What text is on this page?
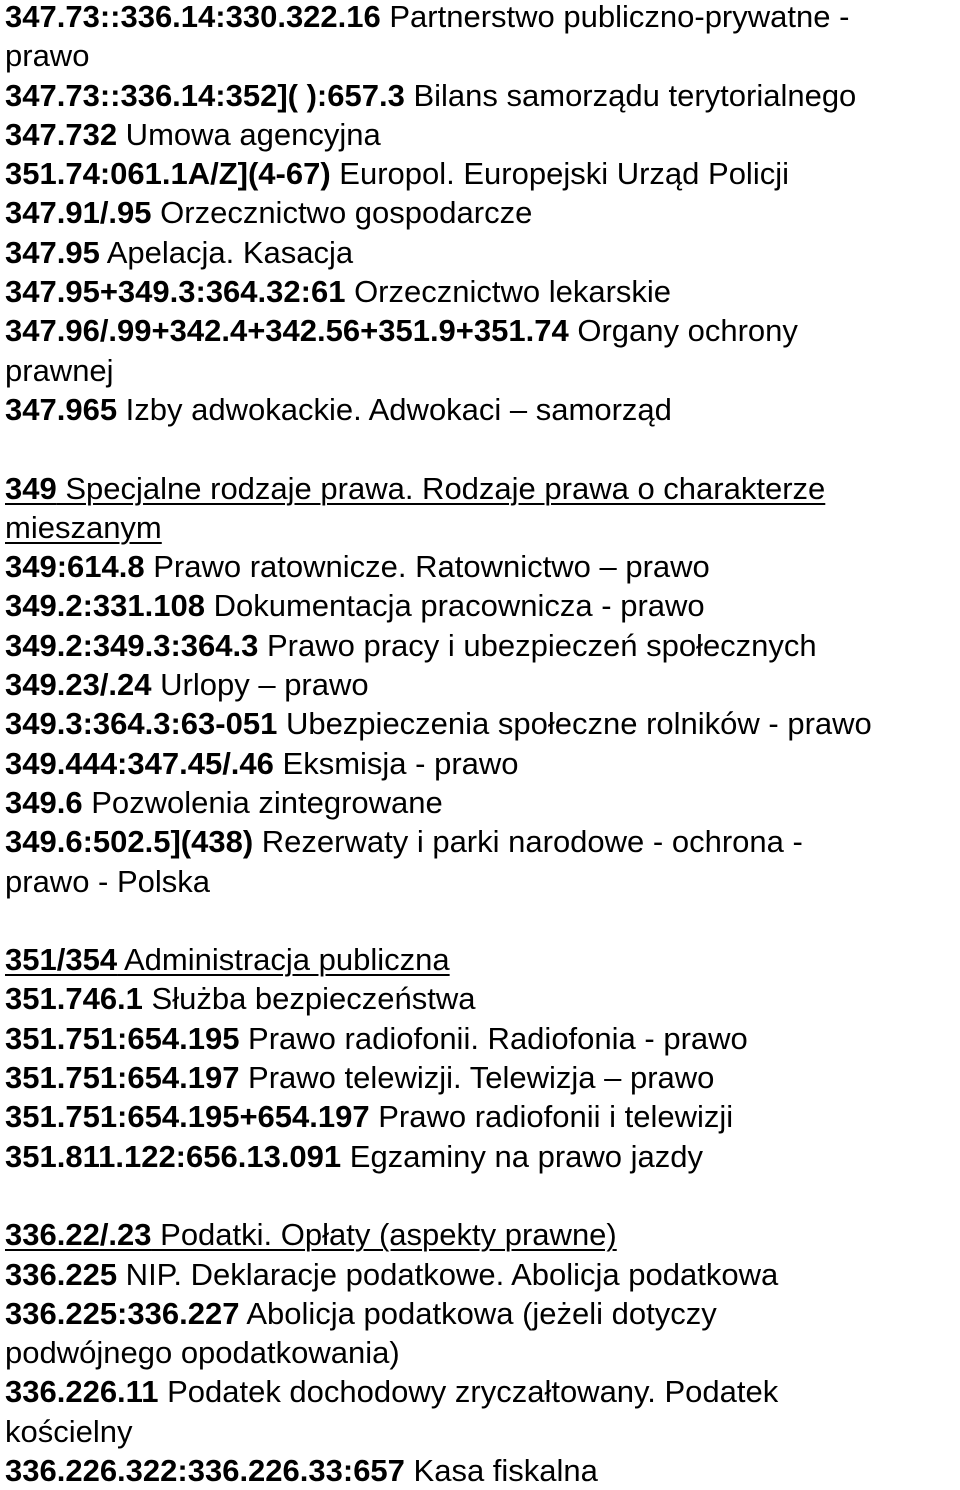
347.73::336.14:330.322.16 Partnerstwo publiczno-prywatne -
prawo
347.73::336.14:352]( ):657.3 Bilans samorządu terytorialnego
347.732 Umowa agencyjna
351.74:061.1A/Z](4-67) Europol. Europejski Urząd Policji
347.91/.95 Orzecznictwo gospodarcze
347.95 Apelacja. Kasacja
347.95+349.3:364.32:61 Orzecznictwo lekarskie
347.96/.99+342.4+342.56+351.9+351.74 Organy ochrony
prawnej
347.965 Izby adwokackie. Adwokaci – samorząd
349 Specjalne rodzaje prawa. Rodzaje prawa o charakterze
mieszanym
349:614.8 Prawo ratownicze. Ratownictwo – prawo
349.2:331.108 Dokumentacja pracownicza - prawo
349.2:349.3:364.3 Prawo pracy i ubezpieczeń społecznych
349.23/.24 Urlopy – prawo
349.3:364.3:63-051 Ubezpieczenia społeczne rolników - prawo
349.444:347.45/.46 Eksmisja - prawo
349.6 Pozwolenia zintegrowane
349.6:502.5](438) Rezerwaty i parki narodowe - ochrona -
prawo - Polska
351/354 Administracja publiczna
351.746.1 Służba bezpieczeństwa
351.751:654.195 Prawo radiofonii. Radiofonia - prawo
351.751:654.197 Prawo telewizji. Telewizja – prawo
351.751:654.195+654.197 Prawo radiofonii i telewizji
351.811.122:656.13.091 Egzaminy na prawo jazdy
336.22/.23 Podatki. Opłaty (aspekty prawne)
336.225 NIP. Deklaracje podatkowe. Abolicja podatkowa
336.225:336.227 Abolicja podatkowa (jeżeli dotyczy
podwójnego opodatkowania)
336.226.11 Podatek dochodowy zryczałtowany. Podatek
kościelny
336.226.322:336.226.33:657 Kasa fiskalna
